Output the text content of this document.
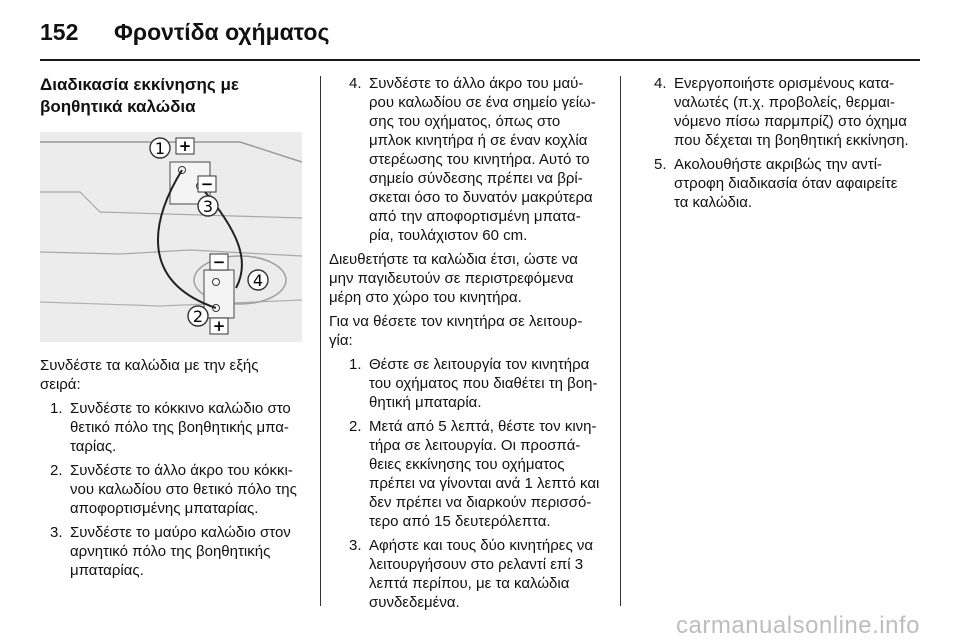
152 Φροντίδα οχήματος
Διαδικασία εκκίνησης με βοηθητικά καλώδια
+
−
−
+
1
3
4
2

Συνδέστε τα καλώδια με την εξής σειρά:

1. Συνδέστε το κόκκινο καλώδιο στο θετικό πόλο της βοηθητικής μπα-ταρίας.
2. Συνδέστε το άλλο άκρο του κόκκι-νου καλωδίου στο θετικό πόλο της αποφορτισμένης μπαταρίας.
3. Συνδέστε το μαύρο καλώδιο στον αρνητικό πόλο της βοηθητικής μπαταρίας.
4. Συνδέστε το άλλο άκρο του μαύ-ρου καλωδίου σε ένα σημείο γείω-σης του οχήματος, όπως στο μπλοκ κινητήρα ή σε έναν κοχλία στερέωσης του κινητήρα. Αυτό το σημείο σύνδεσης πρέπει να βρί-σκεται όσο το δυνατόν μακρύτερα από την αποφορτισμένη μπατα-ρία, τουλάχιστον 60 cm.

Διευθετήστε τα καλώδια έτσι, ώστε να μην παγιδευτούν σε περιστρεφόμενα μέρη στο χώρο του κινητήρα.

Για να θέσετε τον κινητήρα σε λειτουρ-γία:

1. Θέστε σε λειτουργία τον κινητήρα του οχήματος που διαθέτει τη βοη-θητική μπαταρία.
2. Μετά από 5 λεπτά, θέστε τον κινη-τήρα σε λειτουργία. Οι προσπά-θειες εκκίνησης του οχήματος πρέπει να γίνονται ανά 1 λεπτό και δεν πρέπει να διαρκούν περισσό-τερο από 15 δευτερόλεπτα.
3. Αφήστε και τους δύο κινητήρες να λειτουργήσουν στο ρελαντί επί 3 λεπτά περίπου, με τα καλώδια συνδεδεμένα.
4. Ενεργοποιήστε ορισμένους κατα-ναλωτές (π.χ. προβολείς, θερμαι-νόμενο πίσω παρμπρίζ) στο όχημα που δέχεται τη βοηθητική εκκίνηση.
5. Ακολουθήστε ακριβώς την αντί-στροφη διαδικασία όταν αφαιρείτε τα καλώδια.
carmanualsonline.info
